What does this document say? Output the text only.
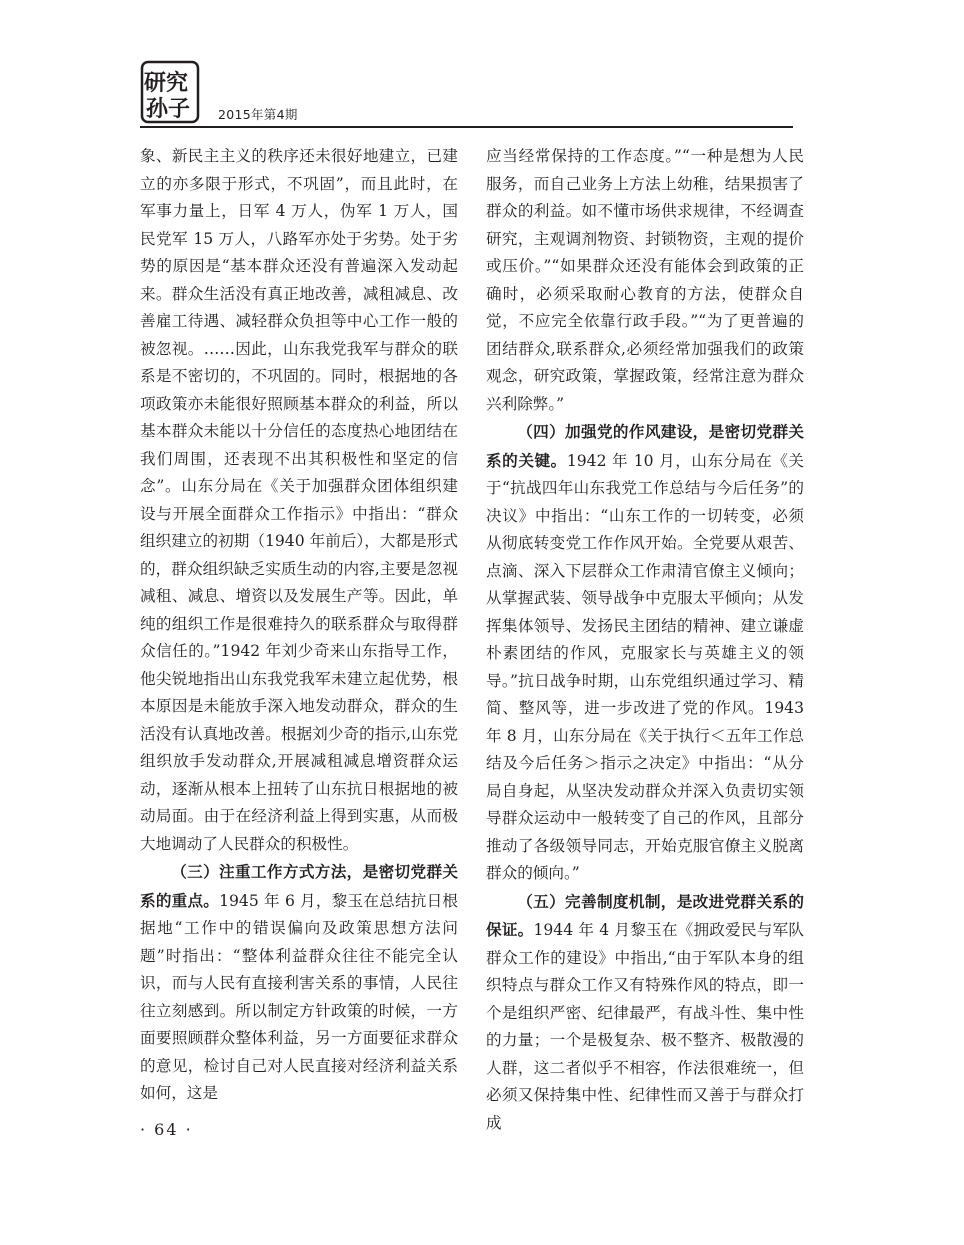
研究
孙子 2015年第4期

象、新民主主义的秩序还未很好地建立，已建立的亦多限于形式，不巩固”，而且此时，在军事力量上，日军 4 万人，伪军 1 万人，国民党军 15 万人，八路军亦处于劣势。处于劣势的原因是“基本群众还没有普遍深入发动起来。群众生活没有真正地改善，减租减息、改善雇工待遇、减轻群众负担等中心工作一般的被忽视。……因此，山东我党我军与群众的联系是不密切的，不巩固的。同时，根据地的各项政策亦未能很好照顾基本群众的利益，所以基本群众未能以十分信任的态度热心地团结在我们周围，还表现不出其积极性和坚定的信念”。山东分局在《关于加强群众团体组织建设与开展全面群众工作指示》中指出：“群众组织建立的初期（1940 年前后），大都是形式的，群众组织缺乏实质生动的内容,主要是忽视减租、减息、增资以及发展生产等。因此，单纯的组织工作是很难持久的联系群众与取得群众信任的。”1942 年刘少奇来山东指导工作，他尖锐地指出山东我党我军未建立起优势，根本原因是未能放手深入地发动群众，群众的生活没有认真地改善。根据刘少奇的指示,山东党组织放手发动群众,开展减租减息增资群众运动，逐渐从根本上扭转了山东抗日根据地的被动局面。由于在经济利益上得到实惠，从而极大地调动了人民群众的积极性。

（三）注重工作方式方法，是密切党群关系的重点。1945 年 6 月，黎玉在总结抗日根据地“工作中的错误偏向及政策思想方法问题”时指出：“整体利益群众往往不能完全认识，而与人民有直接利害关系的事情，人民往往立刻感到。所以制定方针政策的时候，一方面要照顾群众整体利益，另一方面要征求群众的意见，检讨自己对人民直接对经济利益关系如何，这是

应当经常保持的工作态度。”“一种是想为人民服务，而自己业务上方法上幼稚，结果损害了群众的利益。如不懂市场供求规律，不经调查研究，主观调剂物资、封锁物资，主观的提价或压价。”“如果群众还没有能体会到政策的正确时，必须采取耐心教育的方法，使群众自觉，不应完全依靠行政手段。”“为了更普遍的团结群众,联系群众,必须经常加强我们的政策观念，研究政策，掌握政策，经常注意为群众兴利除弊。”

（四）加强党的作风建设，是密切党群关系的关键。1942 年 10 月，山东分局在《关于“抗战四年山东我党工作总结与今后任务”的决议》中指出：“山东工作的一切转变，必须从彻底转变党工作作风开始。全党要从艰苦、点滴、深入下层群众工作肃清官僚主义倾向；从掌握武装、领导战争中克服太平倾向；从发挥集体领导、发扬民主团结的精神、建立谦虚朴素团结的作风，克服家长与英雄主义的领导。”抗日战争时期，山东党组织通过学习、精简、整风等，进一步改进了党的作风。1943 年 8 月，山东分局在《关于执行＜五年工作总结及今后任务＞指示之决定》中指出：“从分局自身起，从坚决发动群众并深入负责切实领导群众运动中一般转变了自己的作风，且部分推动了各级领导同志，开始克服官僚主义脱离群众的倾向。”

（五）完善制度机制，是改进党群关系的保证。1944 年 4 月黎玉在《拥政爱民与军队群众工作的建设》中指出,“由于军队本身的组织特点与群众工作又有特殊作风的特点，即一个是组织严密、纪律最严，有战斗性、集中性的力量；一个是极复杂、极不整齐、极散漫的人群，这二者似乎不相容，作法很难统一，但必须又保持集中性、纪律性而又善于与群众打成

· 64 ·
